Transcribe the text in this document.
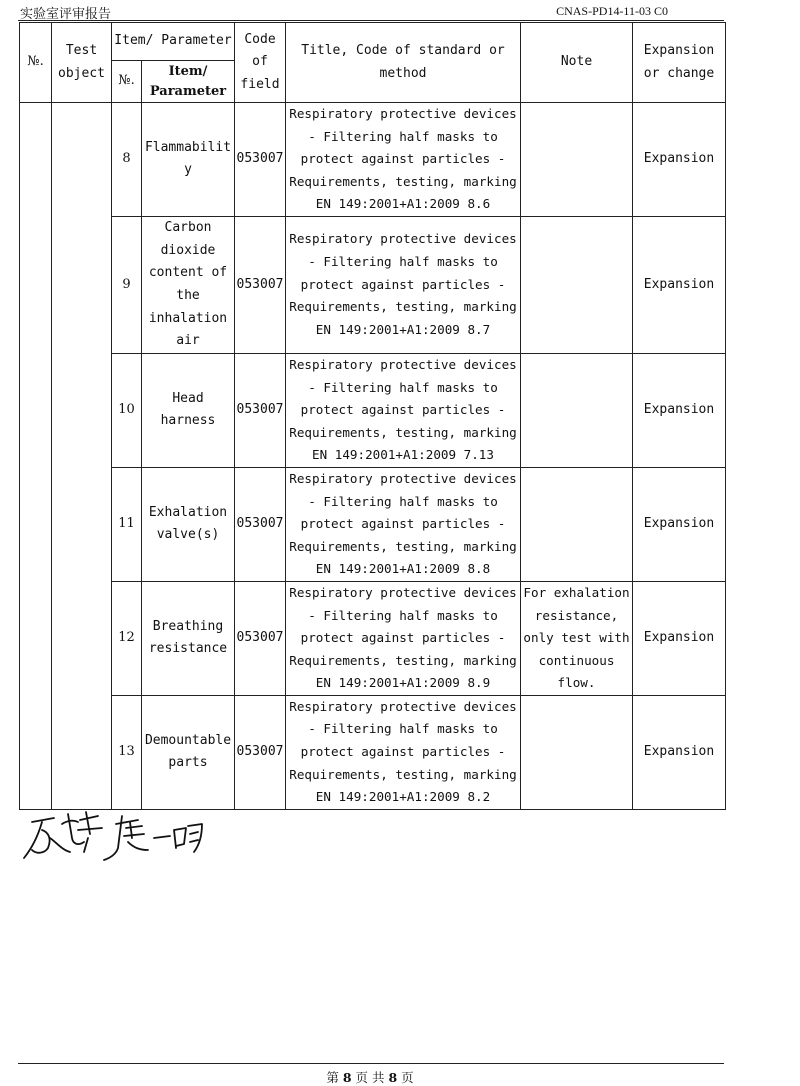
实验室评审报告	CNAS-PD14-11-03 C0
№.	Test object	Item/ Parameter		Code of field	Title, Code of standard or method	Note	Expansion or change

		№.	Item/ Parameter				

		8	Flammability	053007	Respiratory protective devices - Filtering half masks to protect against particles - Requirements, testing, marking EN 149:2001+A1:2009 8.6		Expansion
		9	Carbon dioxide content of the inhalation air	053007	Respiratory protective devices - Filtering half masks to protect against particles - Requirements, testing, marking EN 149:2001+A1:2009 8.7		Expansion
		10	Head harness	053007	Respiratory protective devices - Filtering half masks to protect against particles - Requirements, testing, marking EN 149:2001+A1:2009 7.13		Expansion
		11	Exhalation valve(s)	053007	Respiratory protective devices - Filtering half masks to protect against particles - Requirements, testing, marking EN 149:2001+A1:2009 8.8		Expansion
		12	Breathing resistance	053007	Respiratory protective devices - Filtering half masks to protect against particles - Requirements, testing, marking EN 149:2001+A1:2009 8.9	For exhalation resistance, only test with continuous flow.	Expansion
		13	Demountable parts	053007	Respiratory protective devices - Filtering half masks to protect against particles - Requirements, testing, marking EN 149:2001+A1:2009 8.2		Expansion
第 8 页 共 8 页
